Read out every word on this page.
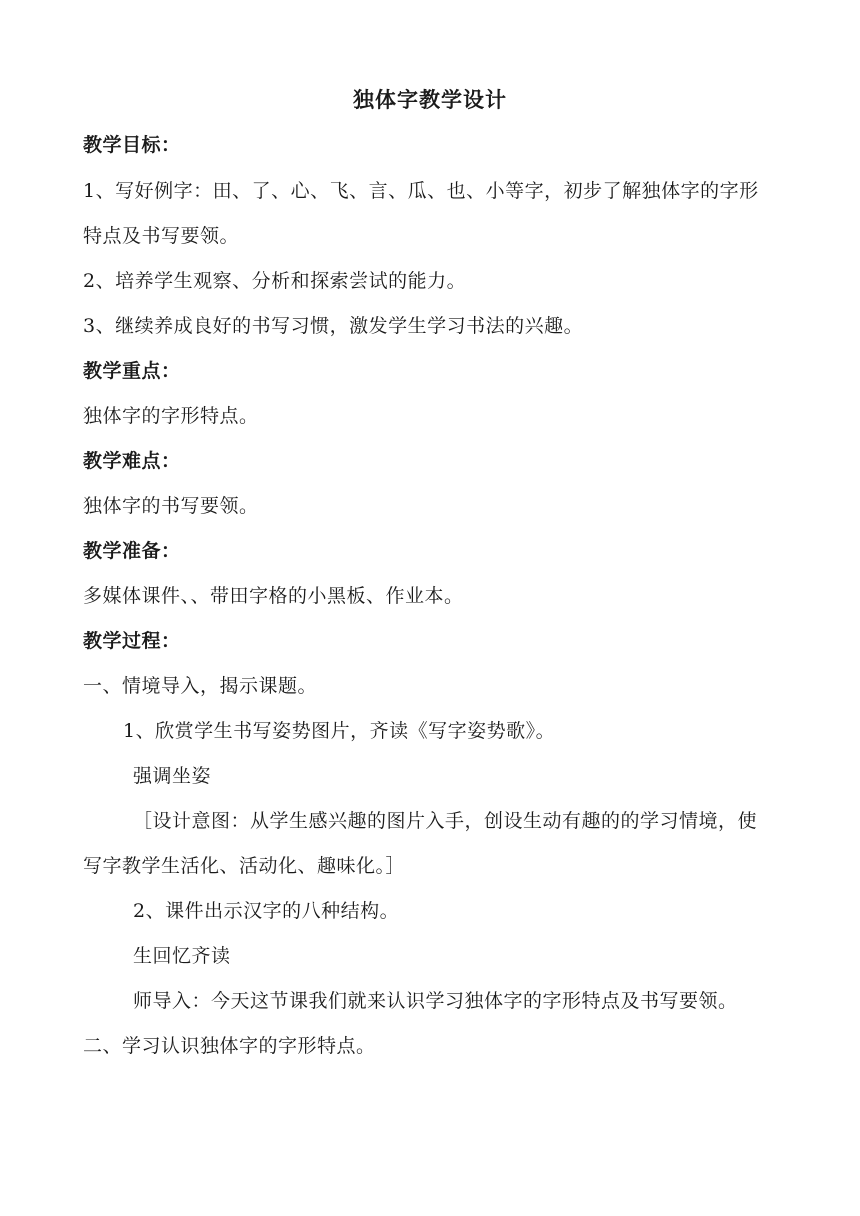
独体字教学设计

教学目标：

1、写好例字：田、了、心、飞、言、瓜、也、小等字，初步了解独体字的字形

特点及书写要领。

2、培养学生观察、分析和探索尝试的能力。

3、继续养成良好的书写习惯，激发学生学习书法的兴趣。

教学重点：

独体字的字形特点。

教学难点：

独体字的书写要领。

教学准备：

多媒体课件、、带田字格的小黑板、作业本。

教学过程：

一、情境导入，揭示课题。

1、欣赏学生书写姿势图片，齐读《写字姿势歌》。

强调坐姿

［设计意图：从学生感兴趣的图片入手，创设生动有趣的的学习情境，使

写字教学生活化、活动化、趣味化。］

2、课件出示汉字的八种结构。

生回忆齐读

师导入：今天这节课我们就来认识学习独体字的字形特点及书写要领。

二、学习认识独体字的字形特点。
